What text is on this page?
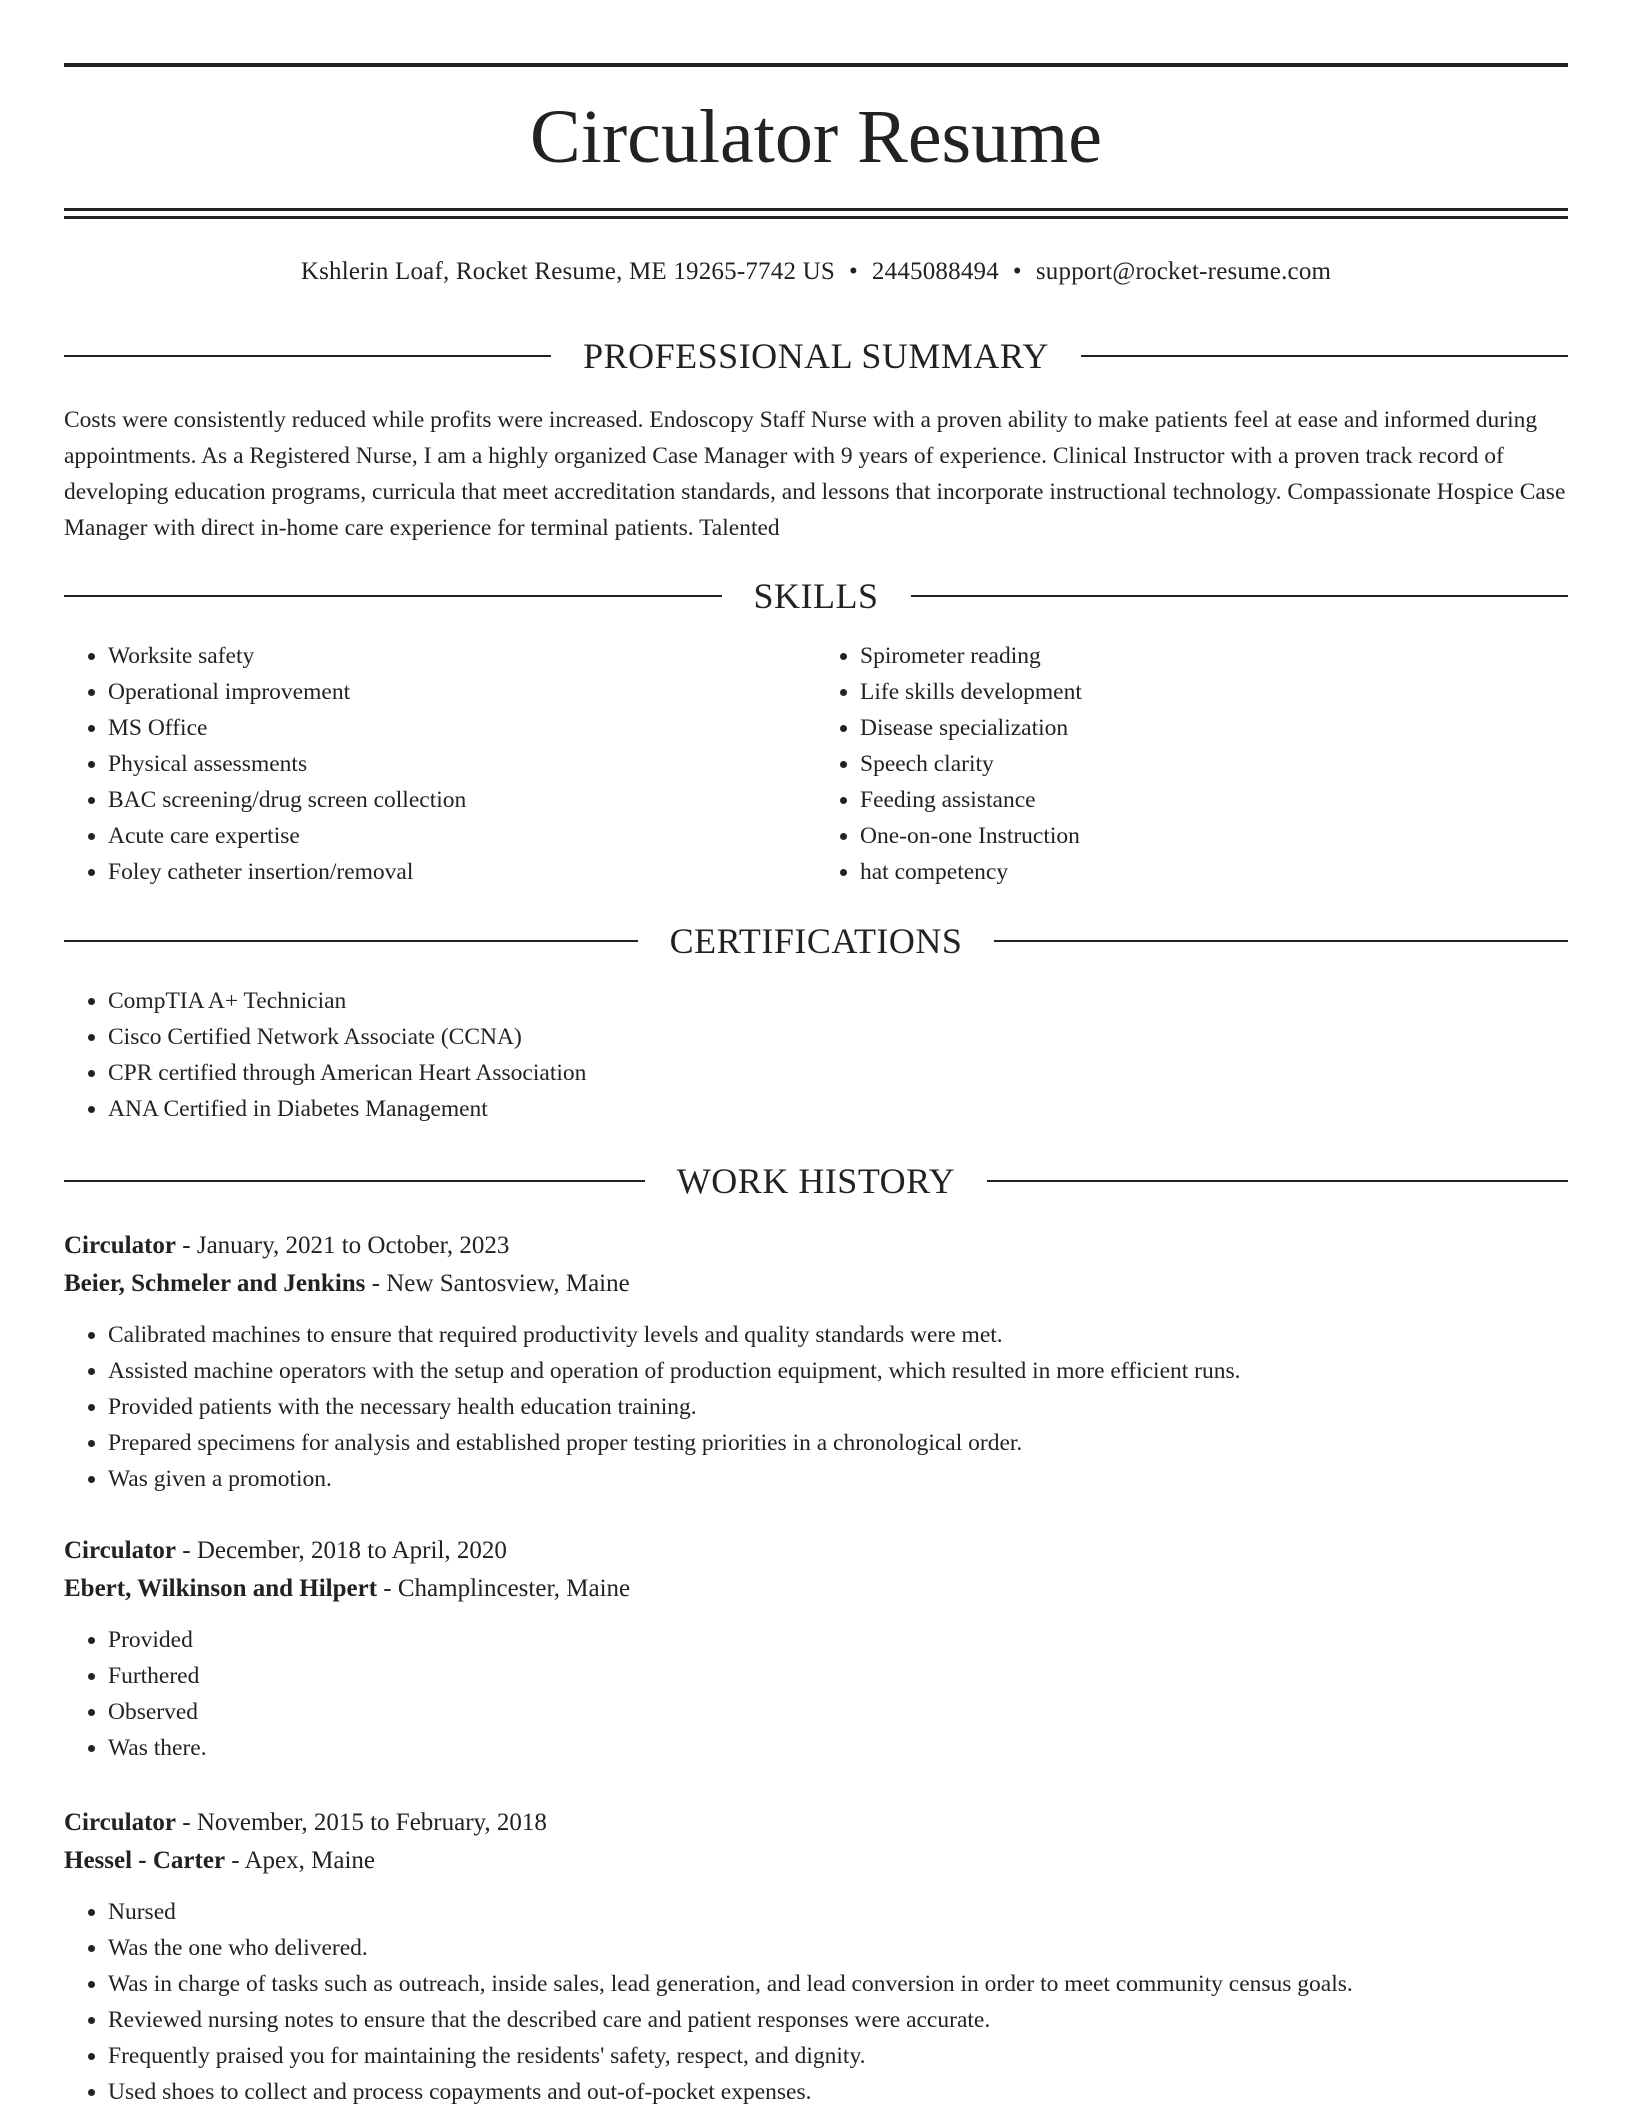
Circulator Resume
Kshlerin Loaf, Rocket Resume, ME 19265-7742 US • 2445088494 • support@rocket-resume.com
PROFESSIONAL SUMMARY

Costs were consistently reduced while profits were increased. Endoscopy Staff Nurse with a proven ability to make patients feel at ease and informed during appointments. As a Registered Nurse, I am a highly organized Case Manager with 9 years of experience. Clinical Instructor with a proven track record of developing education programs, curricula that meet accreditation standards, and lessons that incorporate instructional technology. Compassionate Hospice Case Manager with direct in-home care experience for terminal patients. Talented

SKILLS
• Worksite safety
• Operational improvement
• MS Office
• Physical assessments
• BAC screening/drug screen collection
• Acute care expertise
• Foley catheter insertion/removal
• Spirometer reading
• Life skills development
• Disease specialization
• Speech clarity
• Feeding assistance
• One-on-one Instruction
• hat competency
CERTIFICATIONS
• CompTIA A+ Technician
• Cisco Certified Network Associate (CCNA)
• CPR certified through American Heart Association
• ANA Certified in Diabetes Management
WORK HISTORY
Circulator - January, 2021 to October, 2023
Beier, Schmeler and Jenkins - New Santosview, Maine
• Calibrated machines to ensure that required productivity levels and quality standards were met.
• Assisted machine operators with the setup and operation of production equipment, which resulted in more efficient runs.
• Provided patients with the necessary health education training.
• Prepared specimens for analysis and established proper testing priorities in a chronological order.
• Was given a promotion.
Circulator - December, 2018 to April, 2020
Ebert, Wilkinson and Hilpert - Champlincester, Maine
• Provided
• Furthered
• Observed
• Was there.
Circulator - November, 2015 to February, 2018
Hessel - Carter - Apex, Maine
• Nursed
• Was the one who delivered.
• Was in charge of tasks such as outreach, inside sales, lead generation, and lead conversion in order to meet community census goals.
• Reviewed nursing notes to ensure that the described care and patient responses were accurate.
• Frequently praised you for maintaining the residents' safety, respect, and dignity.
• Used shoes to collect and process copayments and out-of-pocket expenses.
